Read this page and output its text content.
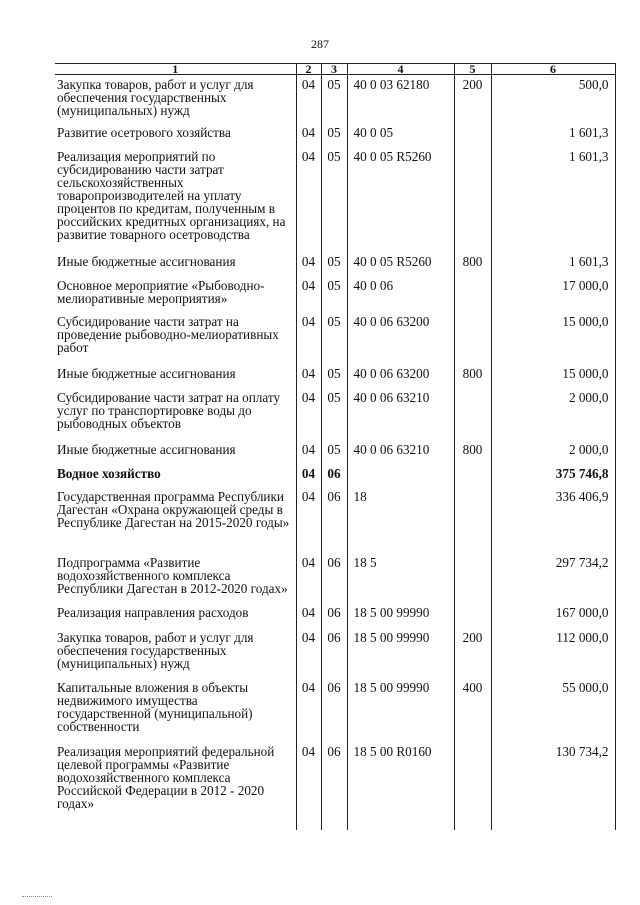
287
1	2	3	4	5	6
Закупка товаров, работ и услуг для обеспечения государственных (муниципальных) нужд	04	05	40 0 03 62180	200	500,0
Развитие осетрового хозяйства	04	05	40 0 05		1 601,3
Реализация мероприятий по субсидированию части затрат сельскохозяйственных товаропроизводителей на уплату процентов по кредитам, полученным в российских кредитных организациях, на развитие товарного осетроводства	04	05	40 0 05 R5260		1 601,3
Иные бюджетные ассигнования	04	05	40 0 05 R5260	800	1 601,3
Основное мероприятие «Рыбоводно-мелиоративные мероприятия»	04	05	40 0 06		17 000,0
Субсидирование части затрат на проведение рыбоводно-мелиоративных работ	04	05	40 0 06 63200		15 000,0
Иные бюджетные ассигнования	04	05	40 0 06 63200	800	15 000,0
Субсидирование части затрат на оплату услуг по транспортировке воды до рыбоводных объектов	04	05	40 0 06 63210		2 000,0
Иные бюджетные ассигнования	04	05	40 0 06 63210	800	2 000,0
Водное хозяйство	04	06			375 746,8
Государственная программа Республики Дагестан «Охрана окружающей среды в Республике Дагестан на 2015-2020 годы»	04	06	18		336 406,9
Подпрограмма «Развитие водохозяйственного комплекса Республики Дагестан в 2012-2020 годах»	04	06	18 5		297 734,2
Реализация направления расходов	04	06	18 5 00 99990		167 000,0
Закупка товаров, работ и услуг для обеспечения государственных (муниципальных) нужд	04	06	18 5 00 99990	200	112 000,0
Капитальные вложения в объекты недвижимого имущества государственной (муниципальной) собственности	04	06	18 5 00 99990	400	55 000,0
Реализация мероприятий федеральной целевой программы «Развитие водохозяйственного комплекса Российской Федерации в 2012 - 2020 годах»	04	06	18 5 00 R0160		130 734,2
